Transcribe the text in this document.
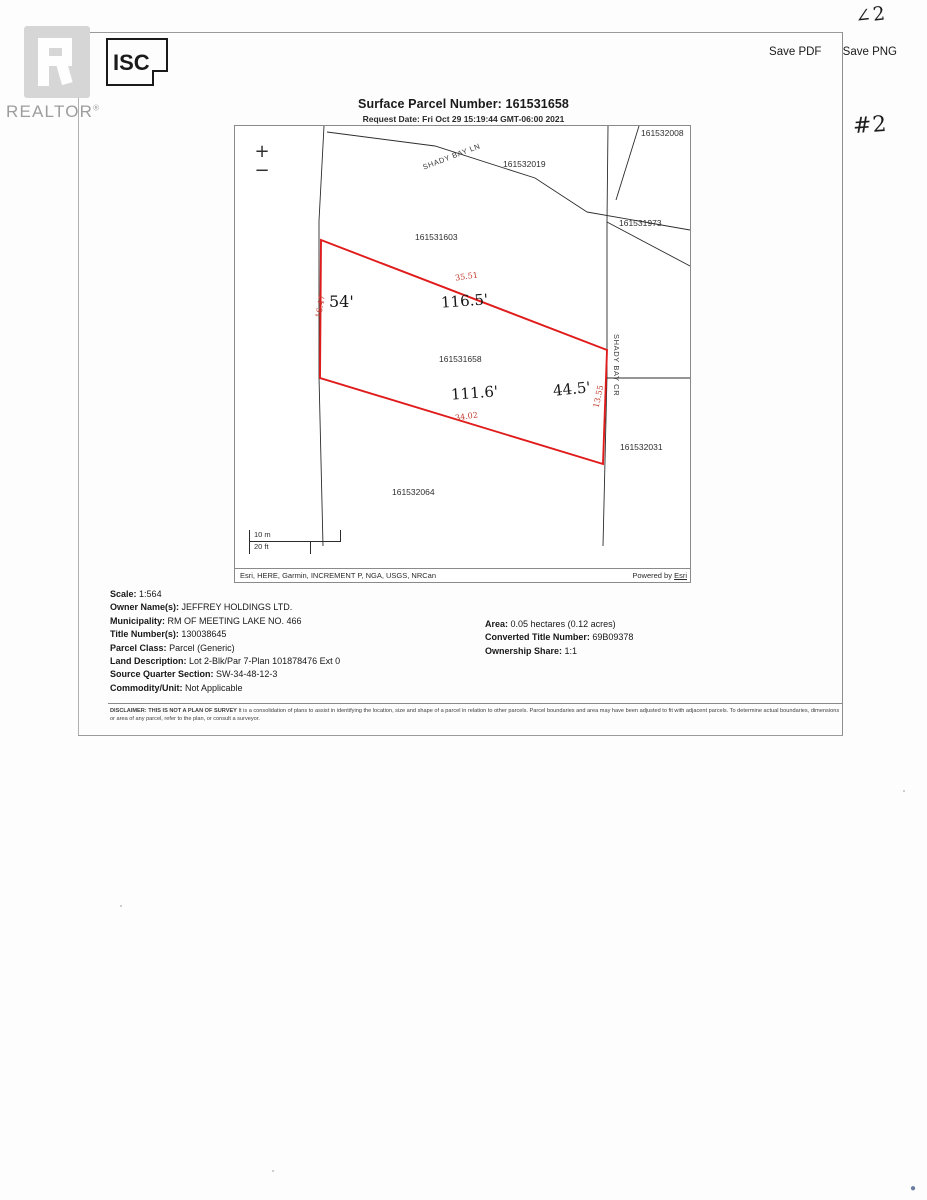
∠2
#2
REALTOR®
ISC	Save PDF Save PNG
Surface Parcel Number: 161531658
Request Date: Fri Oct 29 15:19:44 GMT-06:00 2021
+
−
161531603
161532019
161532008
161531973
161531658
161532031
161532064
SHADY BAY LN
SHADY BAY CR
16.47
35.51
34.02
13.55
54'	116.5'
111.6'	44.5'
10 m
20 ft
Esri, HERE, Garmin, INCREMENT P, NGA, USGS, NRCan	Powered by Esri
Scale: 1:564
Owner Name(s): JEFFREY HOLDINGS LTD.
Municipality: RM OF MEETING LAKE NO. 466
Title Number(s): 130038645
Parcel Class: Parcel (Generic)
Land Description: Lot 2-Blk/Par 7-Plan 101878476 Ext 0
Source Quarter Section: SW-34-48-12-3
Commodity/Unit: Not Applicable
Area: 0.05 hectares (0.12 acres)
Converted Title Number: 69B09378
Ownership Share: 1:1
DISCLAIMER: THIS IS NOT A PLAN OF SURVEY It is a consolidation of plans to assist in identifying the location, size and shape of a parcel in relation to other parcels. Parcel boundaries and area may have been adjusted to fit with adjacent parcels. To determine actual boundaries, dimensions or area of any parcel, refer to the plan, or consult a surveyor.
●
